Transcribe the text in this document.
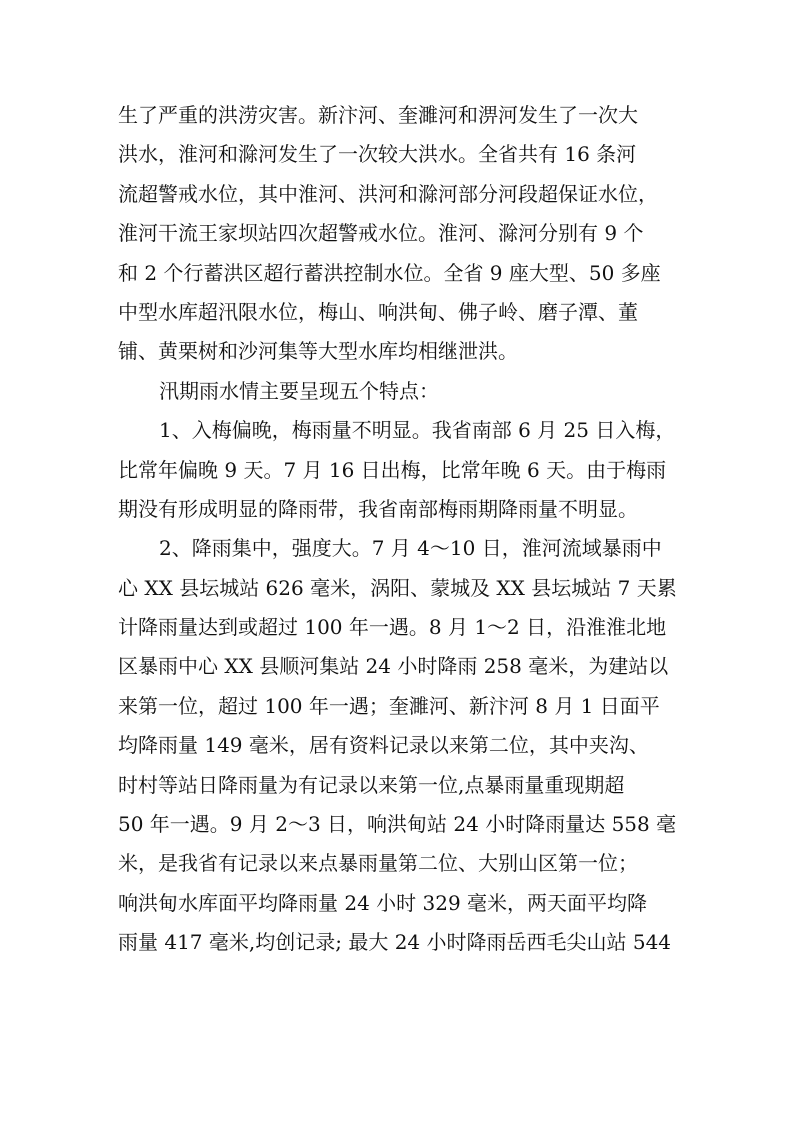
生了严重的洪涝灾害。新汴河、奎濉河和淠河发生了一次大
洪水，淮河和滁河发生了一次较大洪水。全省共有 16 条河
流超警戒水位，其中淮河、洪河和滁河部分河段超保证水位，
淮河干流王家坝站四次超警戒水位。淮河、滁河分别有 9 个
和 2 个行蓄洪区超行蓄洪控制水位。全省 9 座大型、50 多座
中型水库超汛限水位，梅山、响洪甸、佛子岭、磨子潭、董
铺、黄栗树和沙河集等大型水库均相继泄洪。
汛期雨水情主要呈现五个特点：
1、入梅偏晚，梅雨量不明显。我省南部 6 月 25 日入梅，
比常年偏晚 9 天。7 月 16 日出梅，比常年晚 6 天。由于梅雨
期没有形成明显的降雨带，我省南部梅雨期降雨量不明显。
2、降雨集中，强度大。7 月 4～10 日，淮河流域暴雨中
心 XX 县坛城站 626 毫米，涡阳、蒙城及 XX 县坛城站 7 天累
计降雨量达到或超过 100 年一遇。8 月 1～2 日，沿淮淮北地
区暴雨中心 XX 县顺河集站 24 小时降雨 258 毫米，为建站以
来第一位，超过 100 年一遇；奎濉河、新汴河 8 月 1 日面平
均降雨量 149 毫米，居有资料记录以来第二位，其中夹沟、
时村等站日降雨量为有记录以来第一位,点暴雨量重现期超
50 年一遇。9 月 2～3 日，响洪甸站 24 小时降雨量达 558 毫
米，是我省有记录以来点暴雨量第二位、大别山区第一位；
响洪甸水库面平均降雨量 24 小时 329 毫米，两天面平均降
雨量 417 毫米,均创记录; 最大 24 小时降雨岳西毛尖山站 544
